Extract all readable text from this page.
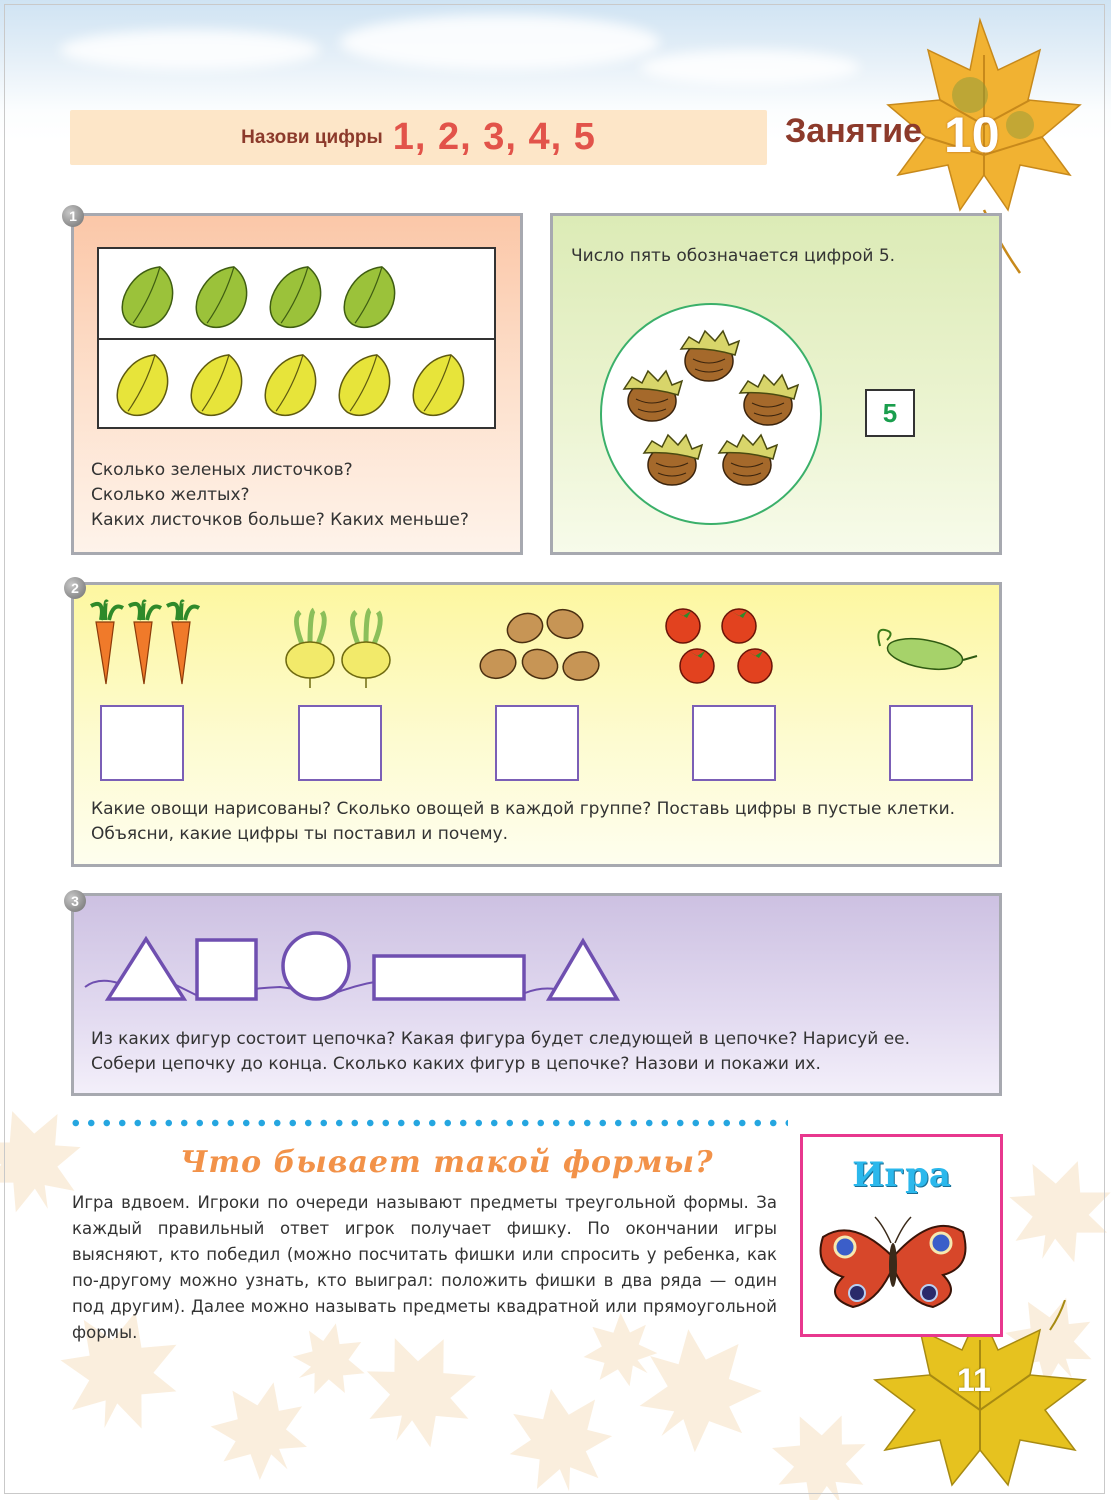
Назови цифры 1, 2, 3, 4, 5	Занятие 10
1
Сколько зеленых листочков?
Сколько желтых?
Каких листочков больше? Каких меньше?
Число пять обозначается цифрой 5.
5
2
Какие овощи нарисованы? Сколько овощей в каждой группе? Поставь цифры в пустые клетки.
Объясни, какие цифры ты поставил и почему.
3
Из каких фигур состоит цепочка? Какая фигура будет следующей в цепочке? Нарисуй ее.
Собери цепочку до конца. Сколько каких фигур в цепочке? Назови и покажи их.
Что бывает такой формы?
Игра вдвоем. Игроки по очереди называют предметы треугольной формы. За каждый правильный ответ игрок получает фишку. По окончании игры выясняют, кто победил (можно посчитать фишки или спросить у ребенка, как по-другому можно узнать, кто выиграл: положить фишки в два ряда — один под другим). Далее можно называть предметы квадратной или прямоугольной формы.
Игра
11
